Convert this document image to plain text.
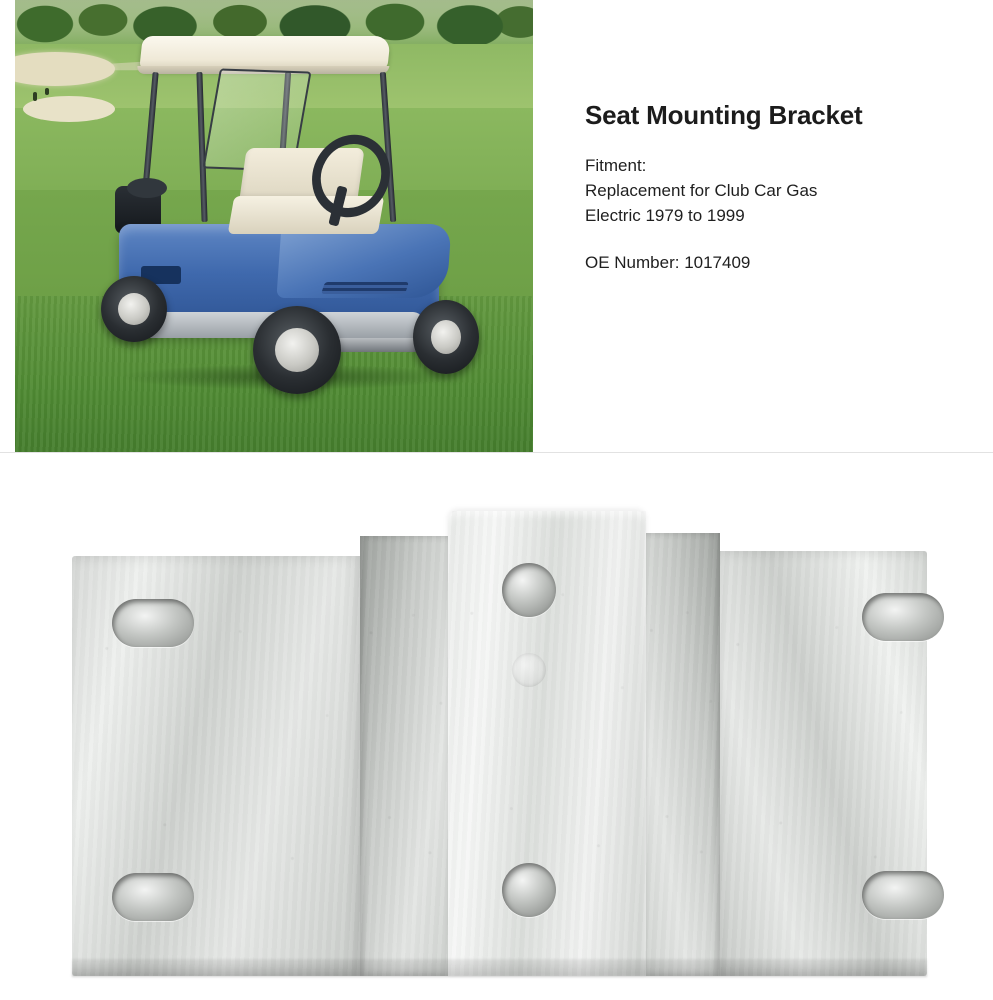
Seat Mounting Bracket
Fitment:
Replacement for Club Car Gas
Electric 1979 to 1999
OE Number: 1017409
